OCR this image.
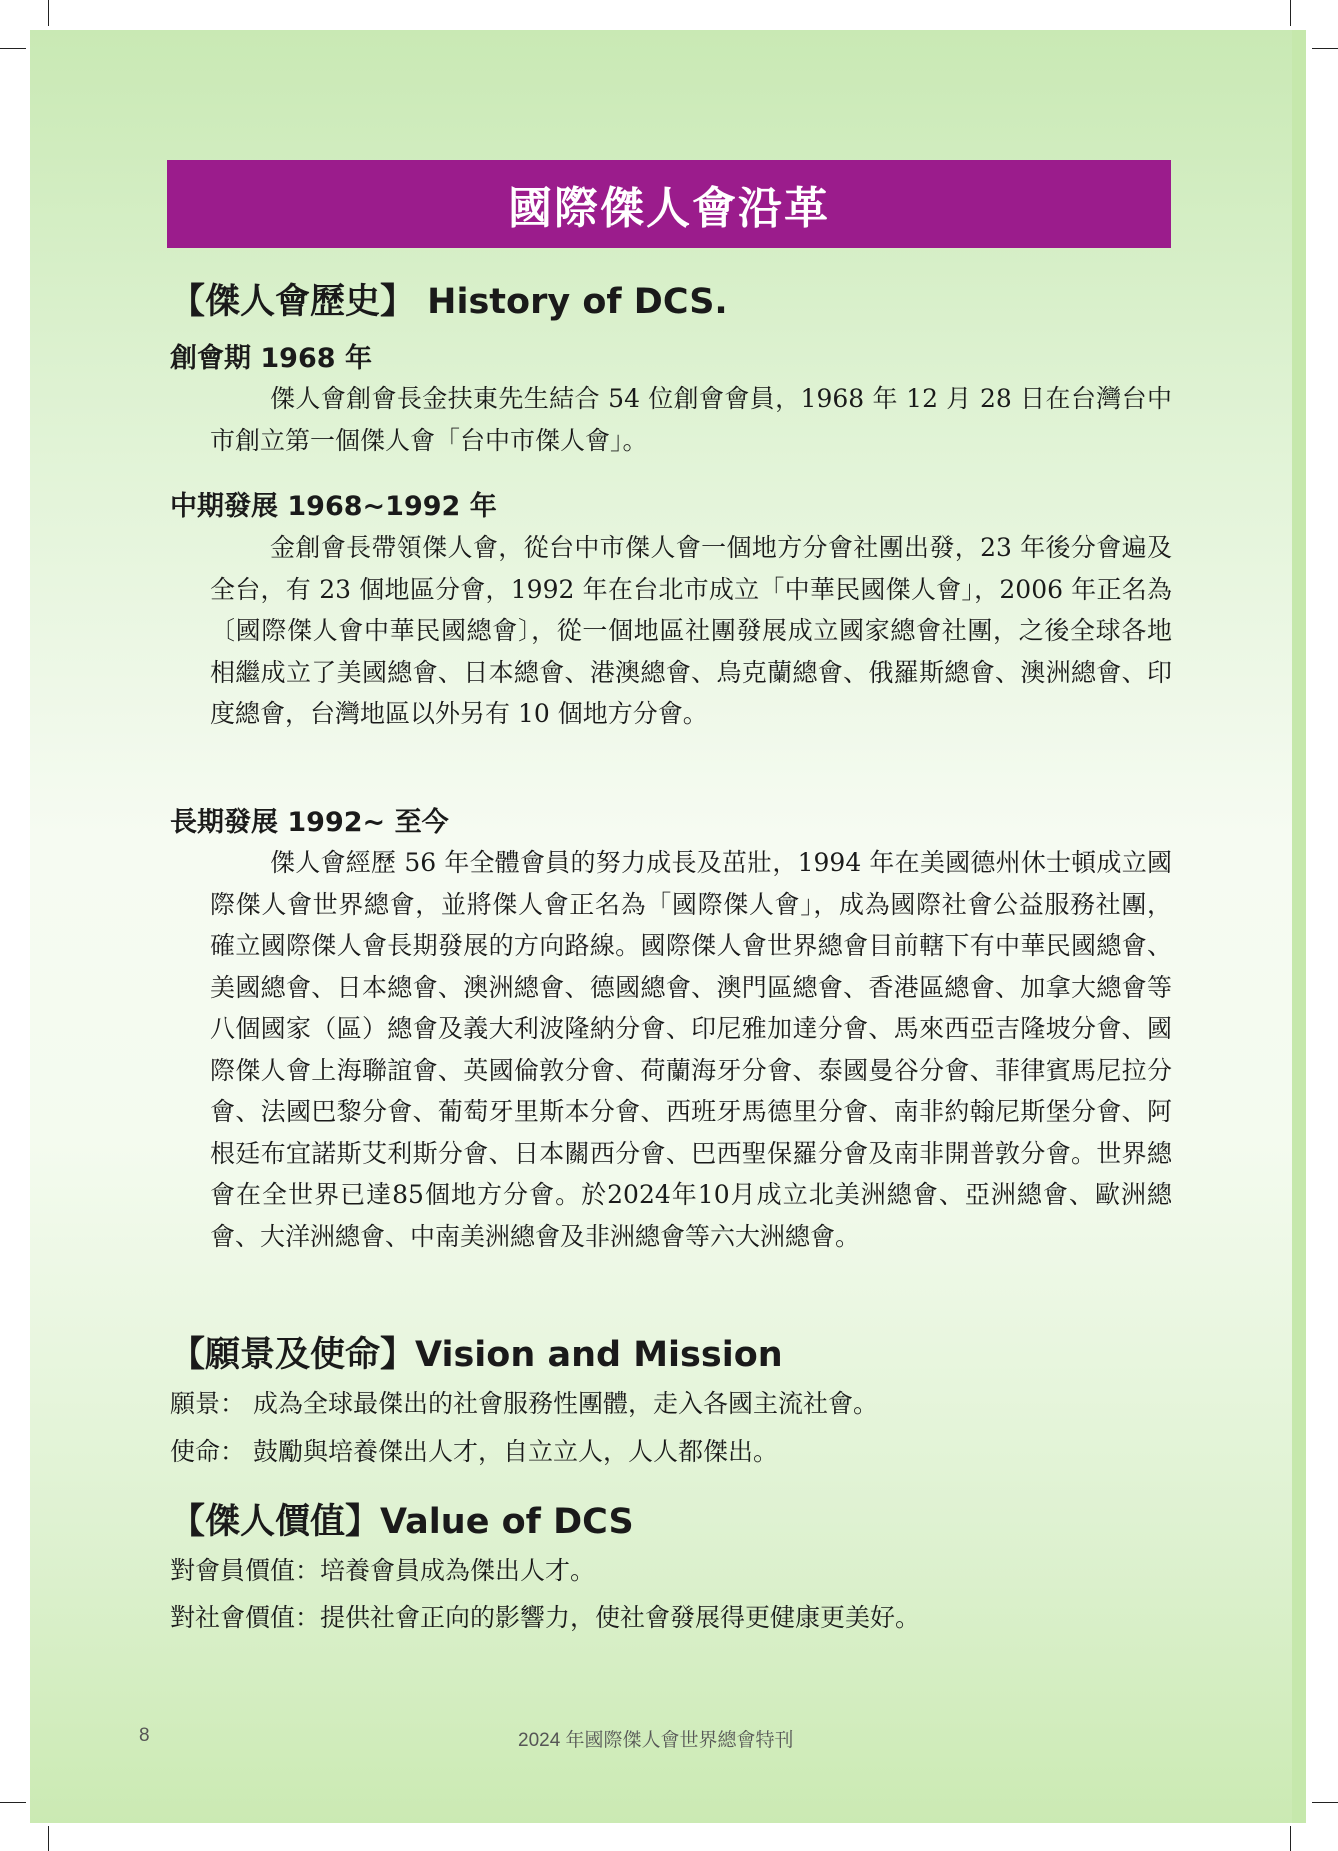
國際傑人會沿革
【傑人會歷史】 History of DCS.
創會期 1968 年

傑人會創會長金扶東先生結合 54 位創會會員，1968 年 12 月 28 日在台灣台中市創立第一個傑人會「台中市傑人會」。

中期發展 1968~1992 年

金創會長帶領傑人會，從台中市傑人會一個地方分會社團出發，23 年後分會遍及全台，有 23 個地區分會，1992 年在台北市成立「中華民國傑人會」，2006 年正名為〔國際傑人會中華民國總會〕，從一個地區社團發展成立國家總會社團，之後全球各地相繼成立了美國總會、日本總會、港澳總會、烏克蘭總會、俄羅斯總會、澳洲總會、印度總會，台灣地區以外另有 10 個地方分會。

長期發展 1992~ 至今

傑人會經歷 56 年全體會員的努力成長及茁壯，1994 年在美國德州休士頓成立國際傑人會世界總會，並將傑人會正名為「國際傑人會」，成為國際社會公益服務社團，確立國際傑人會長期發展的方向路線。國際傑人會世界總會目前轄下有中華民國總會、美國總會、日本總會、澳洲總會、德國總會、澳門區總會、香港區總會、加拿大總會等八個國家（區）總會及義大利波隆納分會、印尼雅加達分會、馬來西亞吉隆坡分會、國際傑人會上海聯誼會、英國倫敦分會、荷蘭海牙分會、泰國曼谷分會、菲律賓馬尼拉分會、法國巴黎分會、葡萄牙里斯本分會、西班牙馬德里分會、南非約翰尼斯堡分會、阿根廷布宜諾斯艾利斯分會、日本關西分會、巴西聖保羅分會及南非開普敦分會。世界總會在全世界已達85個地方分會。於2024年10月成立北美洲總會、亞洲總會、歐洲總會、大洋洲總會、中南美洲總會及非洲總會等六大洲總會。

【願景及使命】Vision and Mission
願景： 成為全球最傑出的社會服務性團體，走入各國主流社會。
使命： 鼓勵與培養傑出人才，自立立人，人人都傑出。
【傑人價值】Value of DCS
對會員價值：培養會員成為傑出人才。
對社會價值：提供社會正向的影響力，使社會發展得更健康更美好。
8	2024 年國際傑人會世界總會特刊
